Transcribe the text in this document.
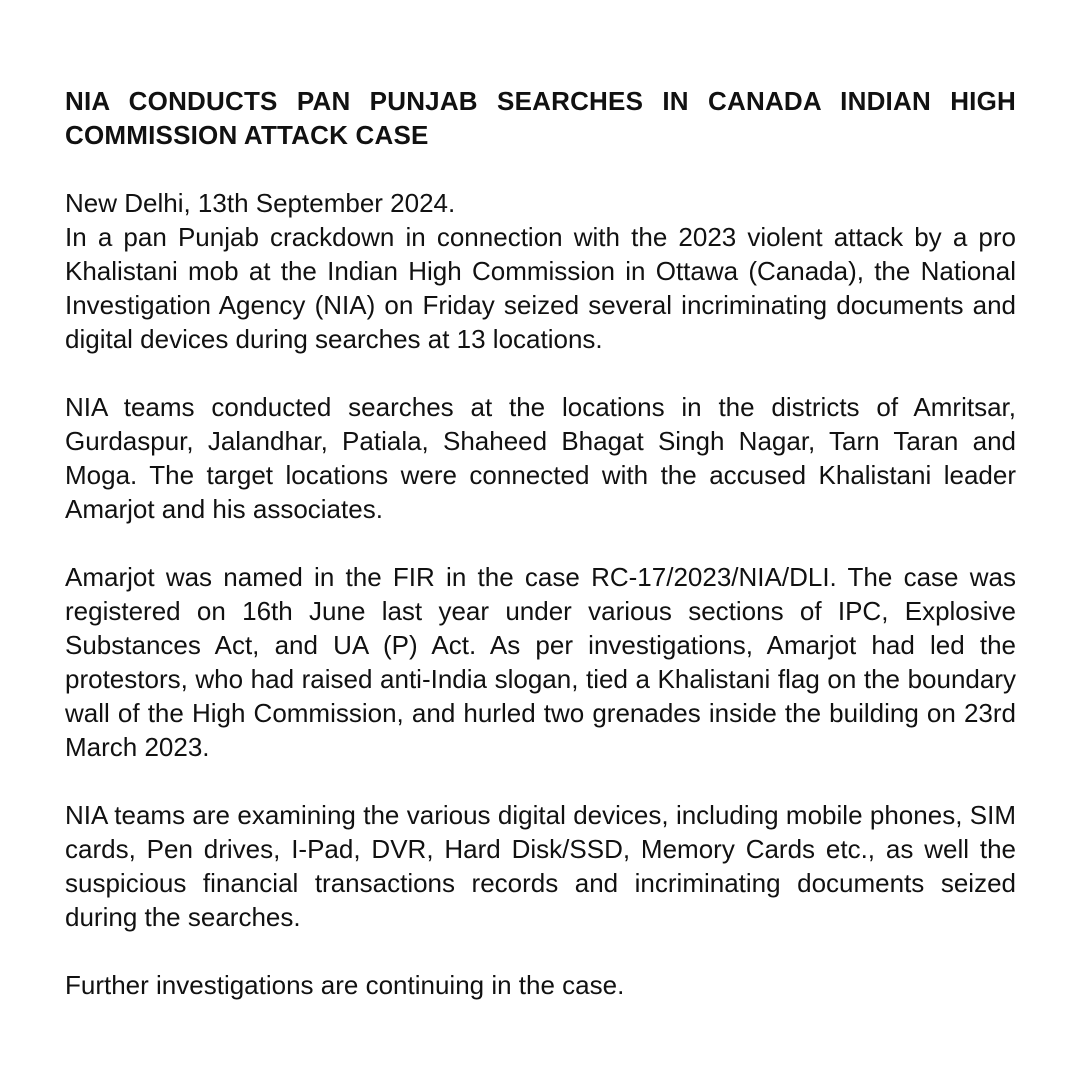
NIA CONDUCTS PAN PUNJAB SEARCHES IN CANADA INDIAN HIGH COMMISSION ATTACK CASE

New Delhi, 13th September 2024.

In a pan Punjab crackdown in connection with the 2023 violent attack by a pro Khalistani mob at the Indian High Commission in Ottawa (Canada), the National Investigation Agency (NIA) on Friday seized several incriminating documents and digital devices during searches at 13 locations.

NIA teams conducted searches at the locations in the districts of Amritsar, Gurdaspur, Jalandhar, Patiala, Shaheed Bhagat Singh Nagar, Tarn Taran and Moga. The target locations were connected with the accused Khalistani leader Amarjot and his associates.

Amarjot was named in the FIR in the case RC-17/2023/NIA/DLI. The case was registered on 16th June last year under various sections of IPC, Explosive Substances Act, and UA (P) Act. As per investigations, Amarjot had led the protestors, who had raised anti-India slogan, tied a Khalistani flag on the boundary wall of the High Commission, and hurled two grenades inside the building on 23rd March 2023.

NIA teams are examining the various digital devices, including mobile phones, SIM cards, Pen drives, I-Pad, DVR, Hard Disk/SSD, Memory Cards etc., as well the suspicious financial transactions records and incriminating documents seized during the searches.

Further investigations are continuing in the case.
